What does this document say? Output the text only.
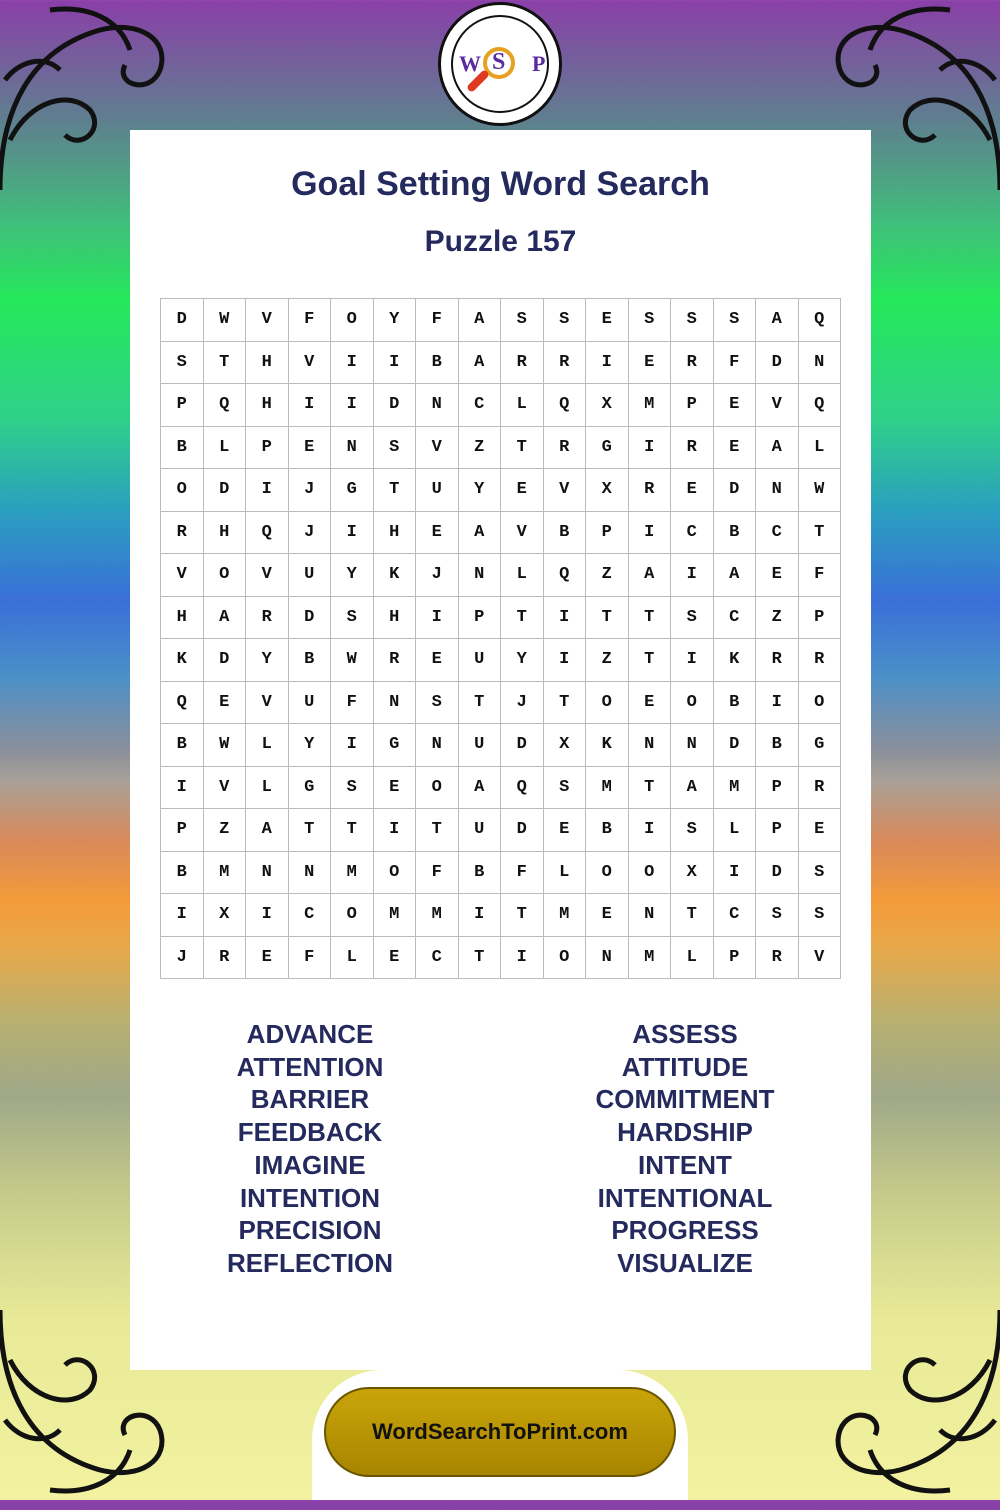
W S P
Goal Setting Word Search
Puzzle 157
D	W	V	F	O	Y	F	A	S	S	E	S	S	S	A	Q
S	T	H	V	I	I	B	A	R	R	I	E	R	F	D	N
P	Q	H	I	I	D	N	C	L	Q	X	M	P	E	V	Q
B	L	P	E	N	S	V	Z	T	R	G	I	R	E	A	L
O	D	I	J	G	T	U	Y	E	V	X	R	E	D	N	W
R	H	Q	J	I	H	E	A	V	B	P	I	C	B	C	T
V	O	V	U	Y	K	J	N	L	Q	Z	A	I	A	E	F
H	A	R	D	S	H	I	P	T	I	T	T	S	C	Z	P
K	D	Y	B	W	R	E	U	Y	I	Z	T	I	K	R	R
Q	E	V	U	F	N	S	T	J	T	O	E	O	B	I	O
B	W	L	Y	I	G	N	U	D	X	K	N	N	D	B	G
I	V	L	G	S	E	O	A	Q	S	M	T	A	M	P	R
P	Z	A	T	T	I	T	U	D	E	B	I	S	L	P	E
B	M	N	N	M	O	F	B	F	L	O	O	X	I	D	S
I	X	I	C	O	M	M	I	T	M	E	N	T	C	S	S
J	R	E	F	L	E	C	T	I	O	N	M	L	P	R	V
ADVANCE
ATTENTION
BARRIER
FEEDBACK
IMAGINE
INTENTION
PRECISION
REFLECTION
ASSESS
ATTITUDE
COMMITMENT
HARDSHIP
INTENT
INTENTIONAL
PROGRESS
VISUALIZE
WordSearchToPrint.com
